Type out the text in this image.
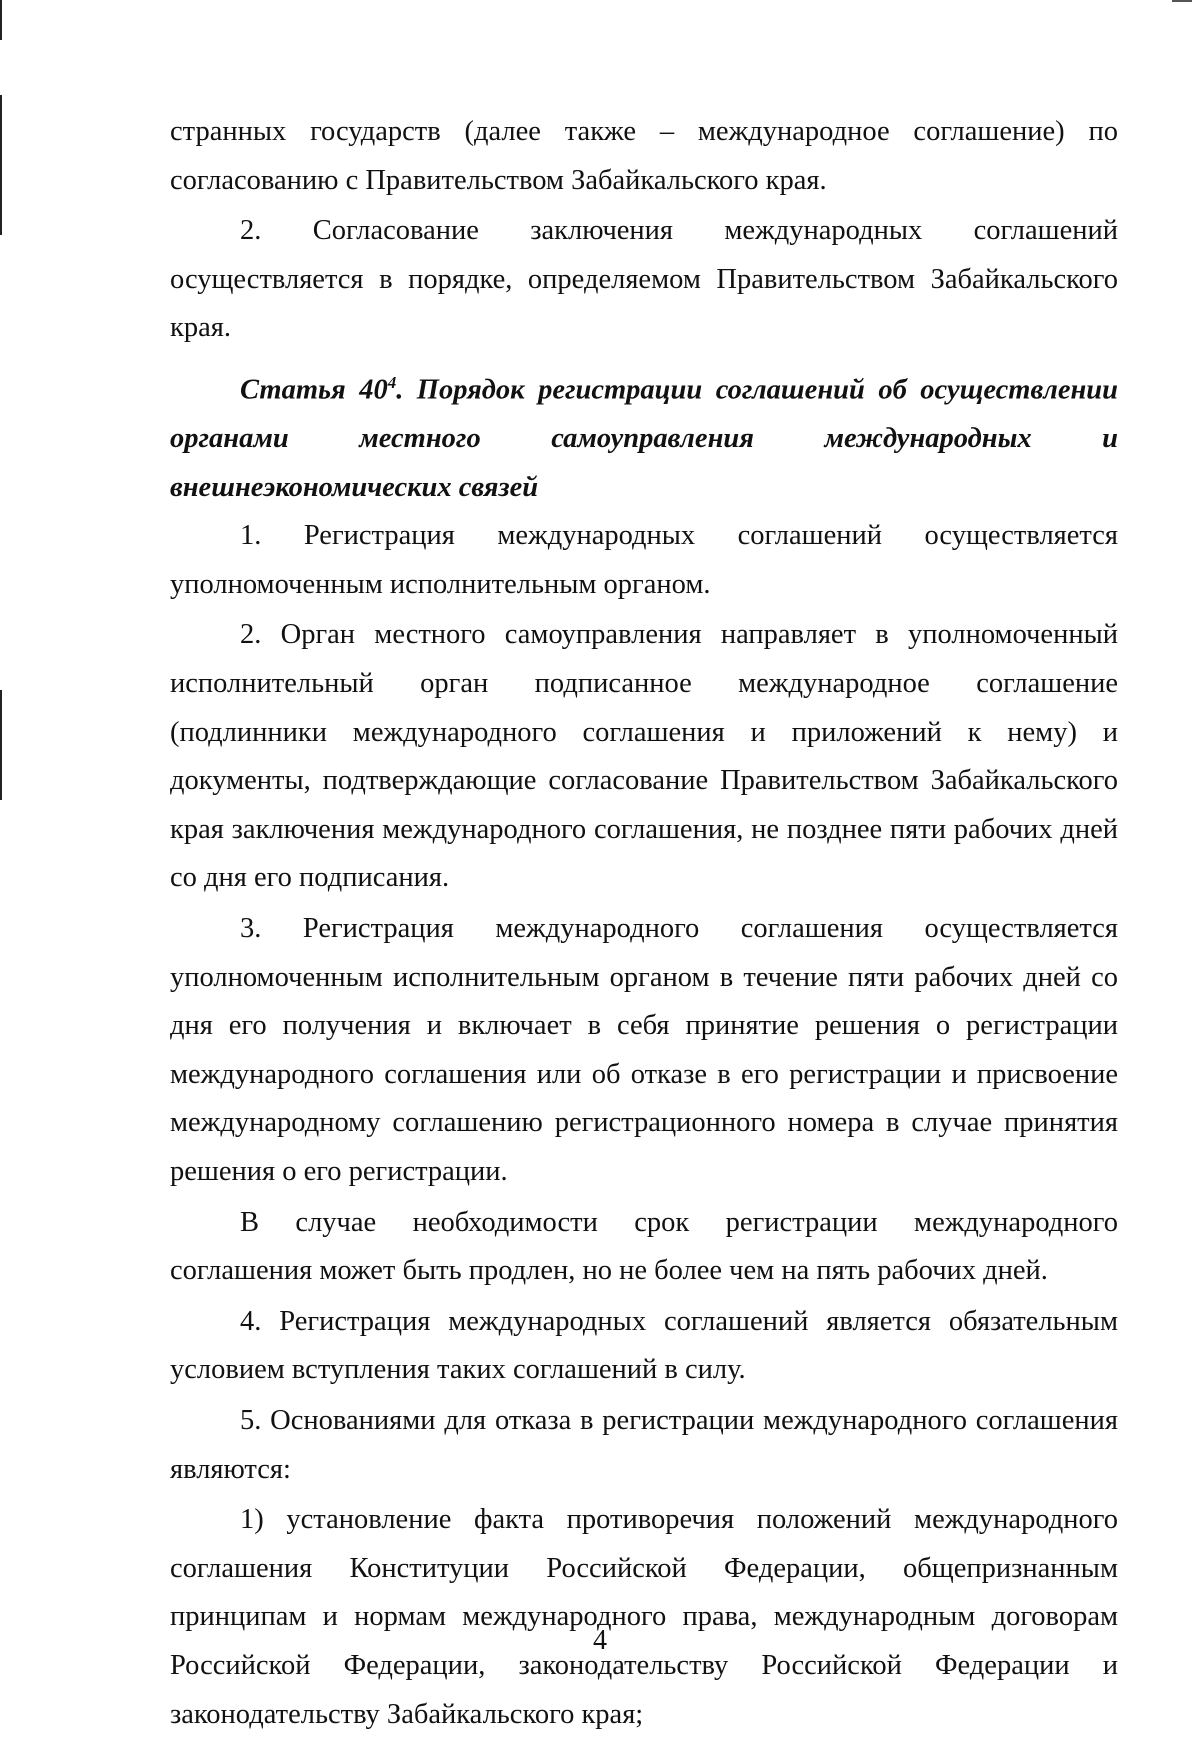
странных государств (далее также – международное соглашение) по согласованию с Правительством Забайкальского края.

2. Согласование заключения международных соглашений осуществляется в порядке, определяемом Правительством Забайкальского края.

Статья $40^4$. Порядок регистрации соглашений об осуществлении органами местного самоуправления международных и внешнеэкономических связей

1. Регистрация международных соглашений осуществляется уполномоченным исполнительным органом.

2. Орган местного самоуправления направляет в уполномоченный исполнительный орган подписанное международное соглашение (подлинники международного соглашения и приложений к нему) и документы, подтверждающие согласование Правительством Забайкальского края заключения международного соглашения, не позднее пяти рабочих дней со дня его подписания.

3. Регистрация международного соглашения осуществляется уполномоченным исполнительным органом в течение пяти рабочих дней со дня его получения и включает в себя принятие решения о регистрации международного соглашения или об отказе в его регистрации и присвоение международному соглашению регистрационного номера в случае принятия решения о его регистрации.

В случае необходимости срок регистрации международного соглашения может быть продлен, но не более чем на пять рабочих дней.

4. Регистрация международных соглашений является обязательным условием вступления таких соглашений в силу.

5. Основаниями для отказа в регистрации международного соглашения являются:

1) установление факта противоречия положений международного соглашения Конституции Российской Федерации, общепризнанным принципам и нормам международного права, международным договорам Российской Федерации, законодательству Российской Федерации и законодательству Забайкальского края;

4
